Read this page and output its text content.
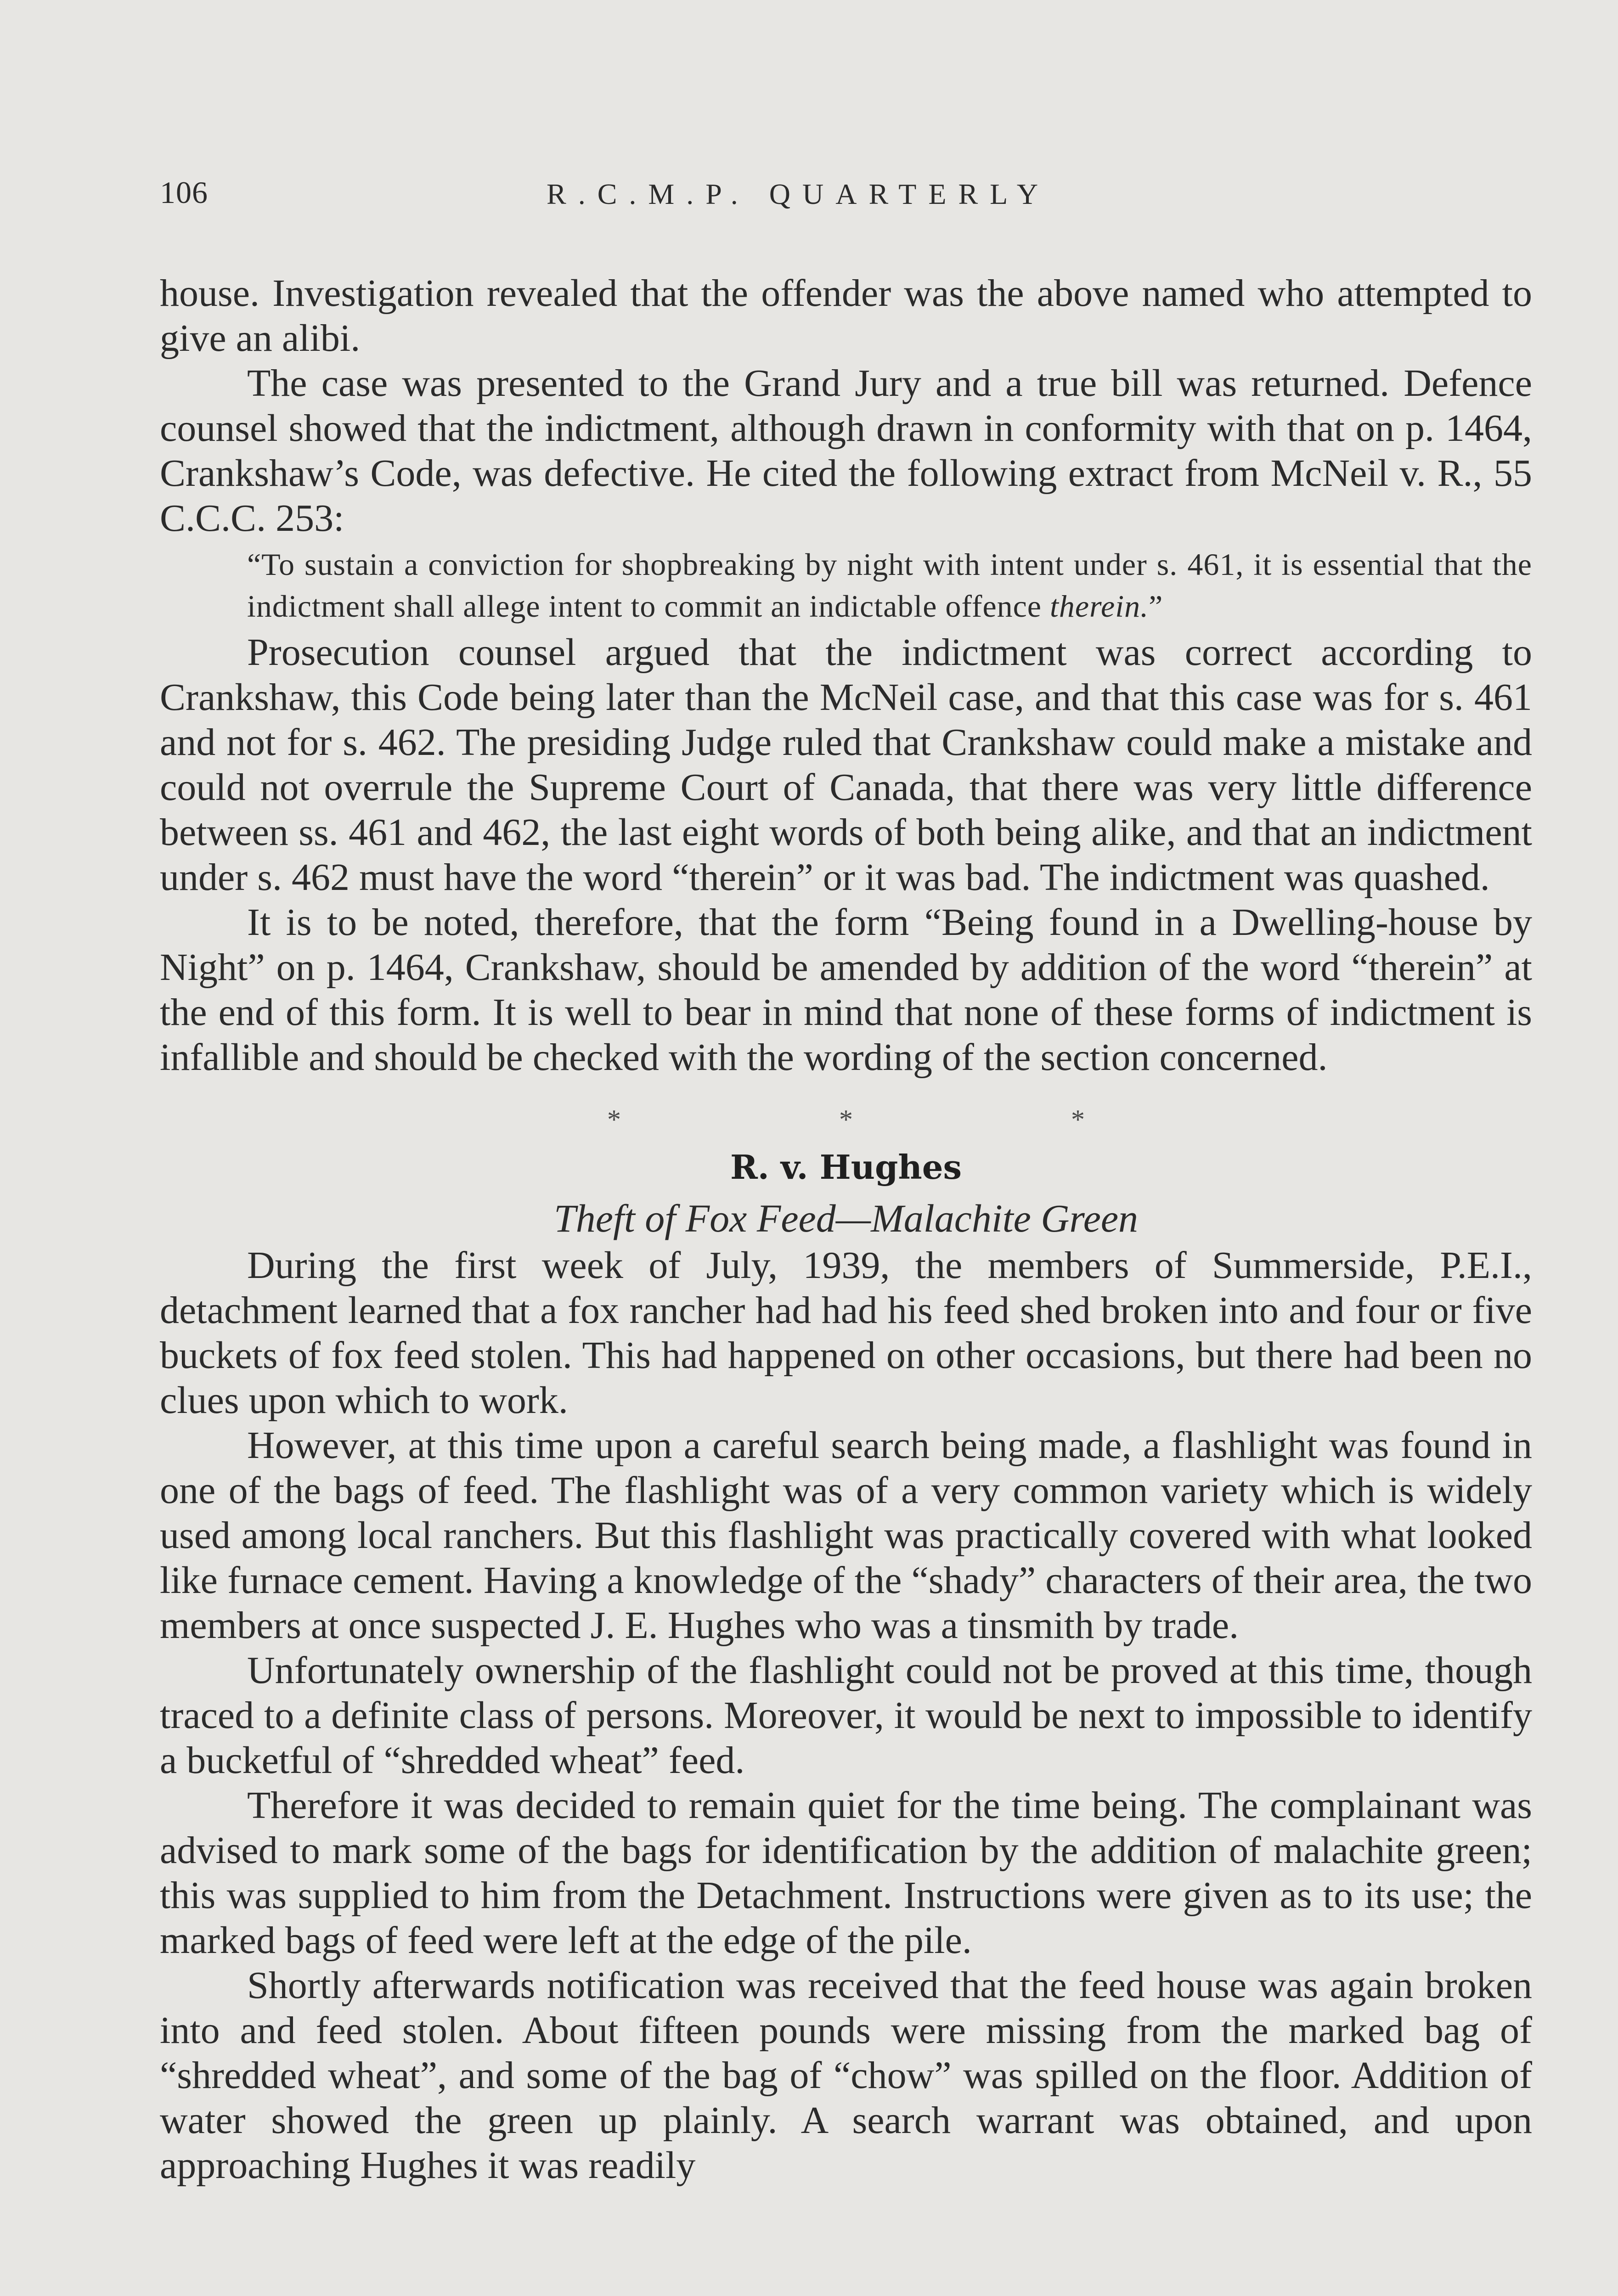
106	R.C.M.P. QUARTERLY

house. Investigation revealed that the offender was the above named who attempted to give an alibi.

The case was presented to the Grand Jury and a true bill was returned. Defence counsel showed that the indictment, although drawn in conformity with that on p. 1464, Crankshaw’s Code, was defective. He cited the following extract from McNeil v. R., 55 C.C.C. 253:

“To sustain a conviction for shopbreaking by night with intent under s. 461, it is essential that the indictment shall allege intent to commit an indictable offence therein.”

Prosecution counsel argued that the indictment was correct according to Crankshaw, this Code being later than the McNeil case, and that this case was for s. 461 and not for s. 462. The presiding Judge ruled that Crankshaw could make a mistake and could not overrule the Supreme Court of Canada, that there was very little difference between ss. 461 and 462, the last eight words of both being alike, and that an indictment under s. 462 must have the word “therein” or it was bad. The indictment was quashed.

It is to be noted, therefore, that the form “Being found in a Dwelling-house by Night” on p. 1464, Crankshaw, should be amended by addition of the word “therein” at the end of this form. It is well to bear in mind that none of these forms of indictment is infallible and should be checked with the wording of the section concerned.

* * *
R. v. Hughes
Theft of Fox Feed—Malachite Green

During the first week of July, 1939, the members of Summerside, P.E.I., detachment learned that a fox rancher had had his feed shed broken into and four or five buckets of fox feed stolen. This had happened on other occasions, but there had been no clues upon which to work.

However, at this time upon a careful search being made, a flashlight was found in one of the bags of feed. The flashlight was of a very common variety which is widely used among local ranchers. But this flashlight was practically covered with what looked like furnace cement. Having a knowledge of the “shady” characters of their area, the two members at once suspected J. E. Hughes who was a tinsmith by trade.

Unfortunately ownership of the flashlight could not be proved at this time, though traced to a definite class of persons. Moreover, it would be next to impossible to identify a bucketful of “shredded wheat” feed.

Therefore it was decided to remain quiet for the time being. The complainant was advised to mark some of the bags for identification by the addition of malachite green; this was supplied to him from the Detachment. Instructions were given as to its use; the marked bags of feed were left at the edge of the pile.

Shortly afterwards notification was received that the feed house was again broken into and feed stolen. About fifteen pounds were missing from the marked bag of “shredded wheat”, and some of the bag of “chow” was spilled on the floor. Addition of water showed the green up plainly. A search warrant was obtained, and upon approaching Hughes it was readily
